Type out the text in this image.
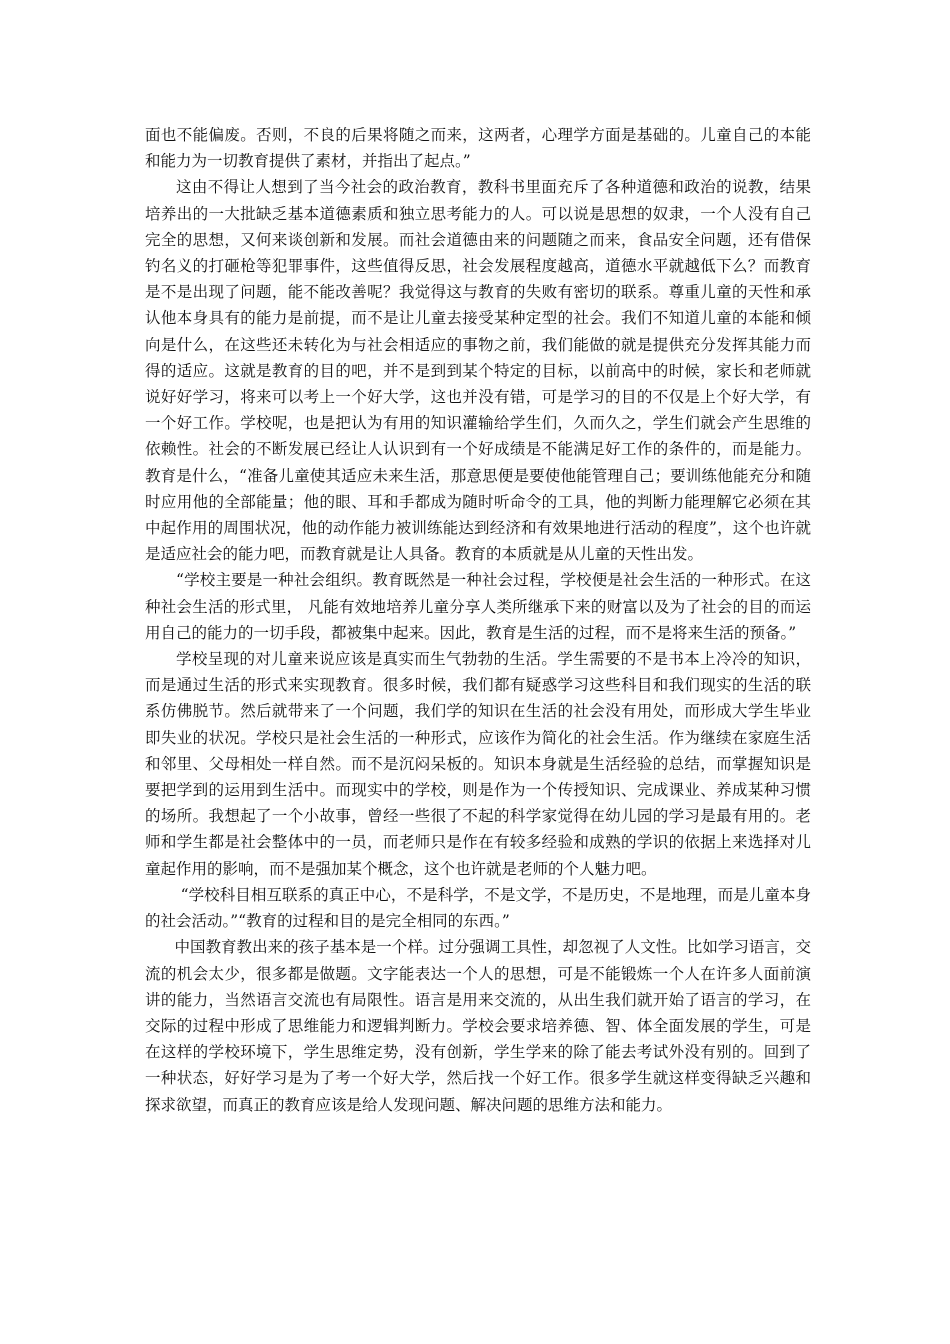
面也不能偏废。否则，不良的后果将随之而来，这两者，心理学方面是基础的。儿童自己的本能和能力为一切教育提供了素材，并指出了起点。”

这由不得让人想到了当今社会的政治教育，教科书里面充斥了各种道德和政治的说教，结果培养出的一大批缺乏基本道德素质和独立思考能力的人。可以说是思想的奴隶，一个人没有自己完全的思想，又何来谈创新和发展。而社会道德由来的问题随之而来，食品安全问题，还有借保钓名义的打砸枪等犯罪事件，这些值得反思，社会发展程度越高，道德水平就越低下么？而教育是不是出现了问题，能不能改善呢？我觉得这与教育的失败有密切的联系。尊重儿童的天性和承认他本身具有的能力是前提，而不是让儿童去接受某种定型的社会。我们不知道儿童的本能和倾向是什么，在这些还未转化为与社会相适应的事物之前，我们能做的就是提供充分发挥其能力而得的适应。这就是教育的目的吧，并不是到到某个特定的目标，以前高中的时候，家长和老师就说好好学习，将来可以考上一个好大学，这也并没有错，可是学习的目的不仅是上个好大学，有一个好工作。学校呢，也是把认为有用的知识灌输给学生们，久而久之，学生们就会产生思维的依赖性。社会的不断发展已经让人认识到有一个好成绩是不能满足好工作的条件的，而是能力。教育是什么，“准备儿童使其适应未来生活，那意思便是要使他能管理自己；要训练他能充分和随时应用他的全部能量；他的眼、耳和手都成为随时听命令的工具，他的判断力能理解它必须在其中起作用的周围状况，他的动作能力被训练能达到经济和有效果地进行活动的程度”，这个也许就是适应社会的能力吧，而教育就是让人具备。教育的本质就是从儿童的天性出发。

“学校主要是一种社会组织。教育既然是一种社会过程，学校便是社会生活的一种形式。在这种社会生活的形式里， 凡能有效地培养儿童分享人类所继承下来的财富以及为了社会的目的而运用自己的能力的一切手段，都被集中起来。因此，教育是生活的过程，而不是将来生活的预备。”

学校呈现的对儿童来说应该是真实而生气勃勃的生活。学生需要的不是书本上冷冷的知识，而是通过生活的形式来实现教育。很多时候，我们都有疑惑学习这些科目和我们现实的生活的联系仿佛脱节。然后就带来了一个问题，我们学的知识在生活的社会没有用处，而形成大学生毕业即失业的状况。学校只是社会生活的一种形式，应该作为简化的社会生活。作为继续在家庭生活和邻里、父母相处一样自然。而不是沉闷呆板的。知识本身就是生活经验的总结，而掌握知识是要把学到的运用到生活中。而现实中的学校，则是作为一个传授知识、完成课业、养成某种习惯的场所。我想起了一个小故事，曾经一些很了不起的科学家觉得在幼儿园的学习是最有用的。老师和学生都是社会整体中的一员，而老师只是作在有较多经验和成熟的学识的依据上来选择对儿童起作用的影响，而不是强加某个概念，这个也许就是老师的个人魅力吧。

“学校科目相互联系的真正中心，不是科学，不是文学，不是历史，不是地理，而是儿童本身的社会活动。”“教育的过程和目的是完全相同的东西。”

中国教育教出来的孩子基本是一个样。过分强调工具性，却忽视了人文性。比如学习语言，交流的机会太少，很多都是做题。文字能表达一个人的思想，可是不能锻炼一个人在许多人面前演讲的能力，当然语言交流也有局限性。语言是用来交流的，从出生我们就开始了语言的学习，在交际的过程中形成了思维能力和逻辑判断力。学校会要求培养德、智、体全面发展的学生，可是在这样的学校环境下，学生思维定势，没有创新，学生学来的除了能去考试外没有别的。回到了一种状态，好好学习是为了考一个好大学，然后找一个好工作。很多学生就这样变得缺乏兴趣和探求欲望，而真正的教育应该是给人发现问题、解决问题的思维方法和能力。
